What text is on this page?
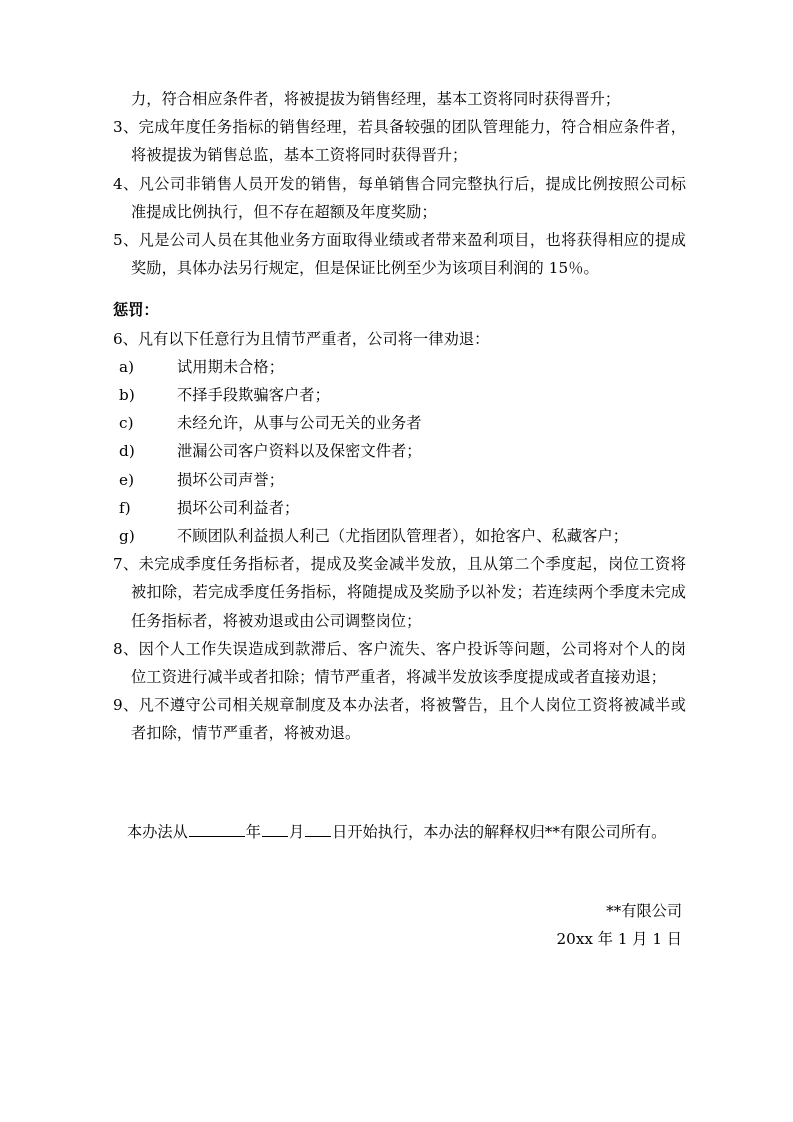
力，符合相应条件者，将被提拔为销售经理，基本工资将同时获得晋升；

3、完成年度任务指标的销售经理，若具备较强的团队管理能力，符合相应条件者，将被提拔为销售总监，基本工资将同时获得晋升；

4、凡公司非销售人员开发的销售，每单销售合同完整执行后，提成比例按照公司标准提成比例执行，但不存在超额及年度奖励；

5、凡是公司人员在其他业务方面取得业绩或者带来盈利项目，也将获得相应的提成奖励，具体办法另行规定，但是保证比例至少为该项目利润的 15％。

惩罚：

6、凡有以下任意行为且情节严重者，公司将一律劝退：

a)	试用期未合格；

b)	不择手段欺骗客户者；

c)	未经允许，从事与公司无关的业务者

d)	泄漏公司客户资料以及保密文件者；

e)	损坏公司声誉；

f)	损坏公司利益者；

g)	不顾团队利益损人利己（尤指团队管理者），如抢客户、私藏客户；

7、未完成季度任务指标者，提成及奖金减半发放，且从第二个季度起，岗位工资将被扣除，若完成季度任务指标，将随提成及奖励予以补发；若连续两个季度未完成任务指标者，将被劝退或由公司调整岗位；

8、因个人工作失误造成到款滞后、客户流失、客户投诉等问题，公司将对个人的岗位工资进行减半或者扣除；情节严重者，将减半发放该季度提成或者直接劝退；

9、凡不遵守公司相关规章制度及本办法者，将被警告，且个人岗位工资将被减半或者扣除，情节严重者，将被劝退。

本办法从	年 月 日开始执行，本办法的解释权归**有限公司所有。

**有限公司

20xx 年 1 月 1 日
